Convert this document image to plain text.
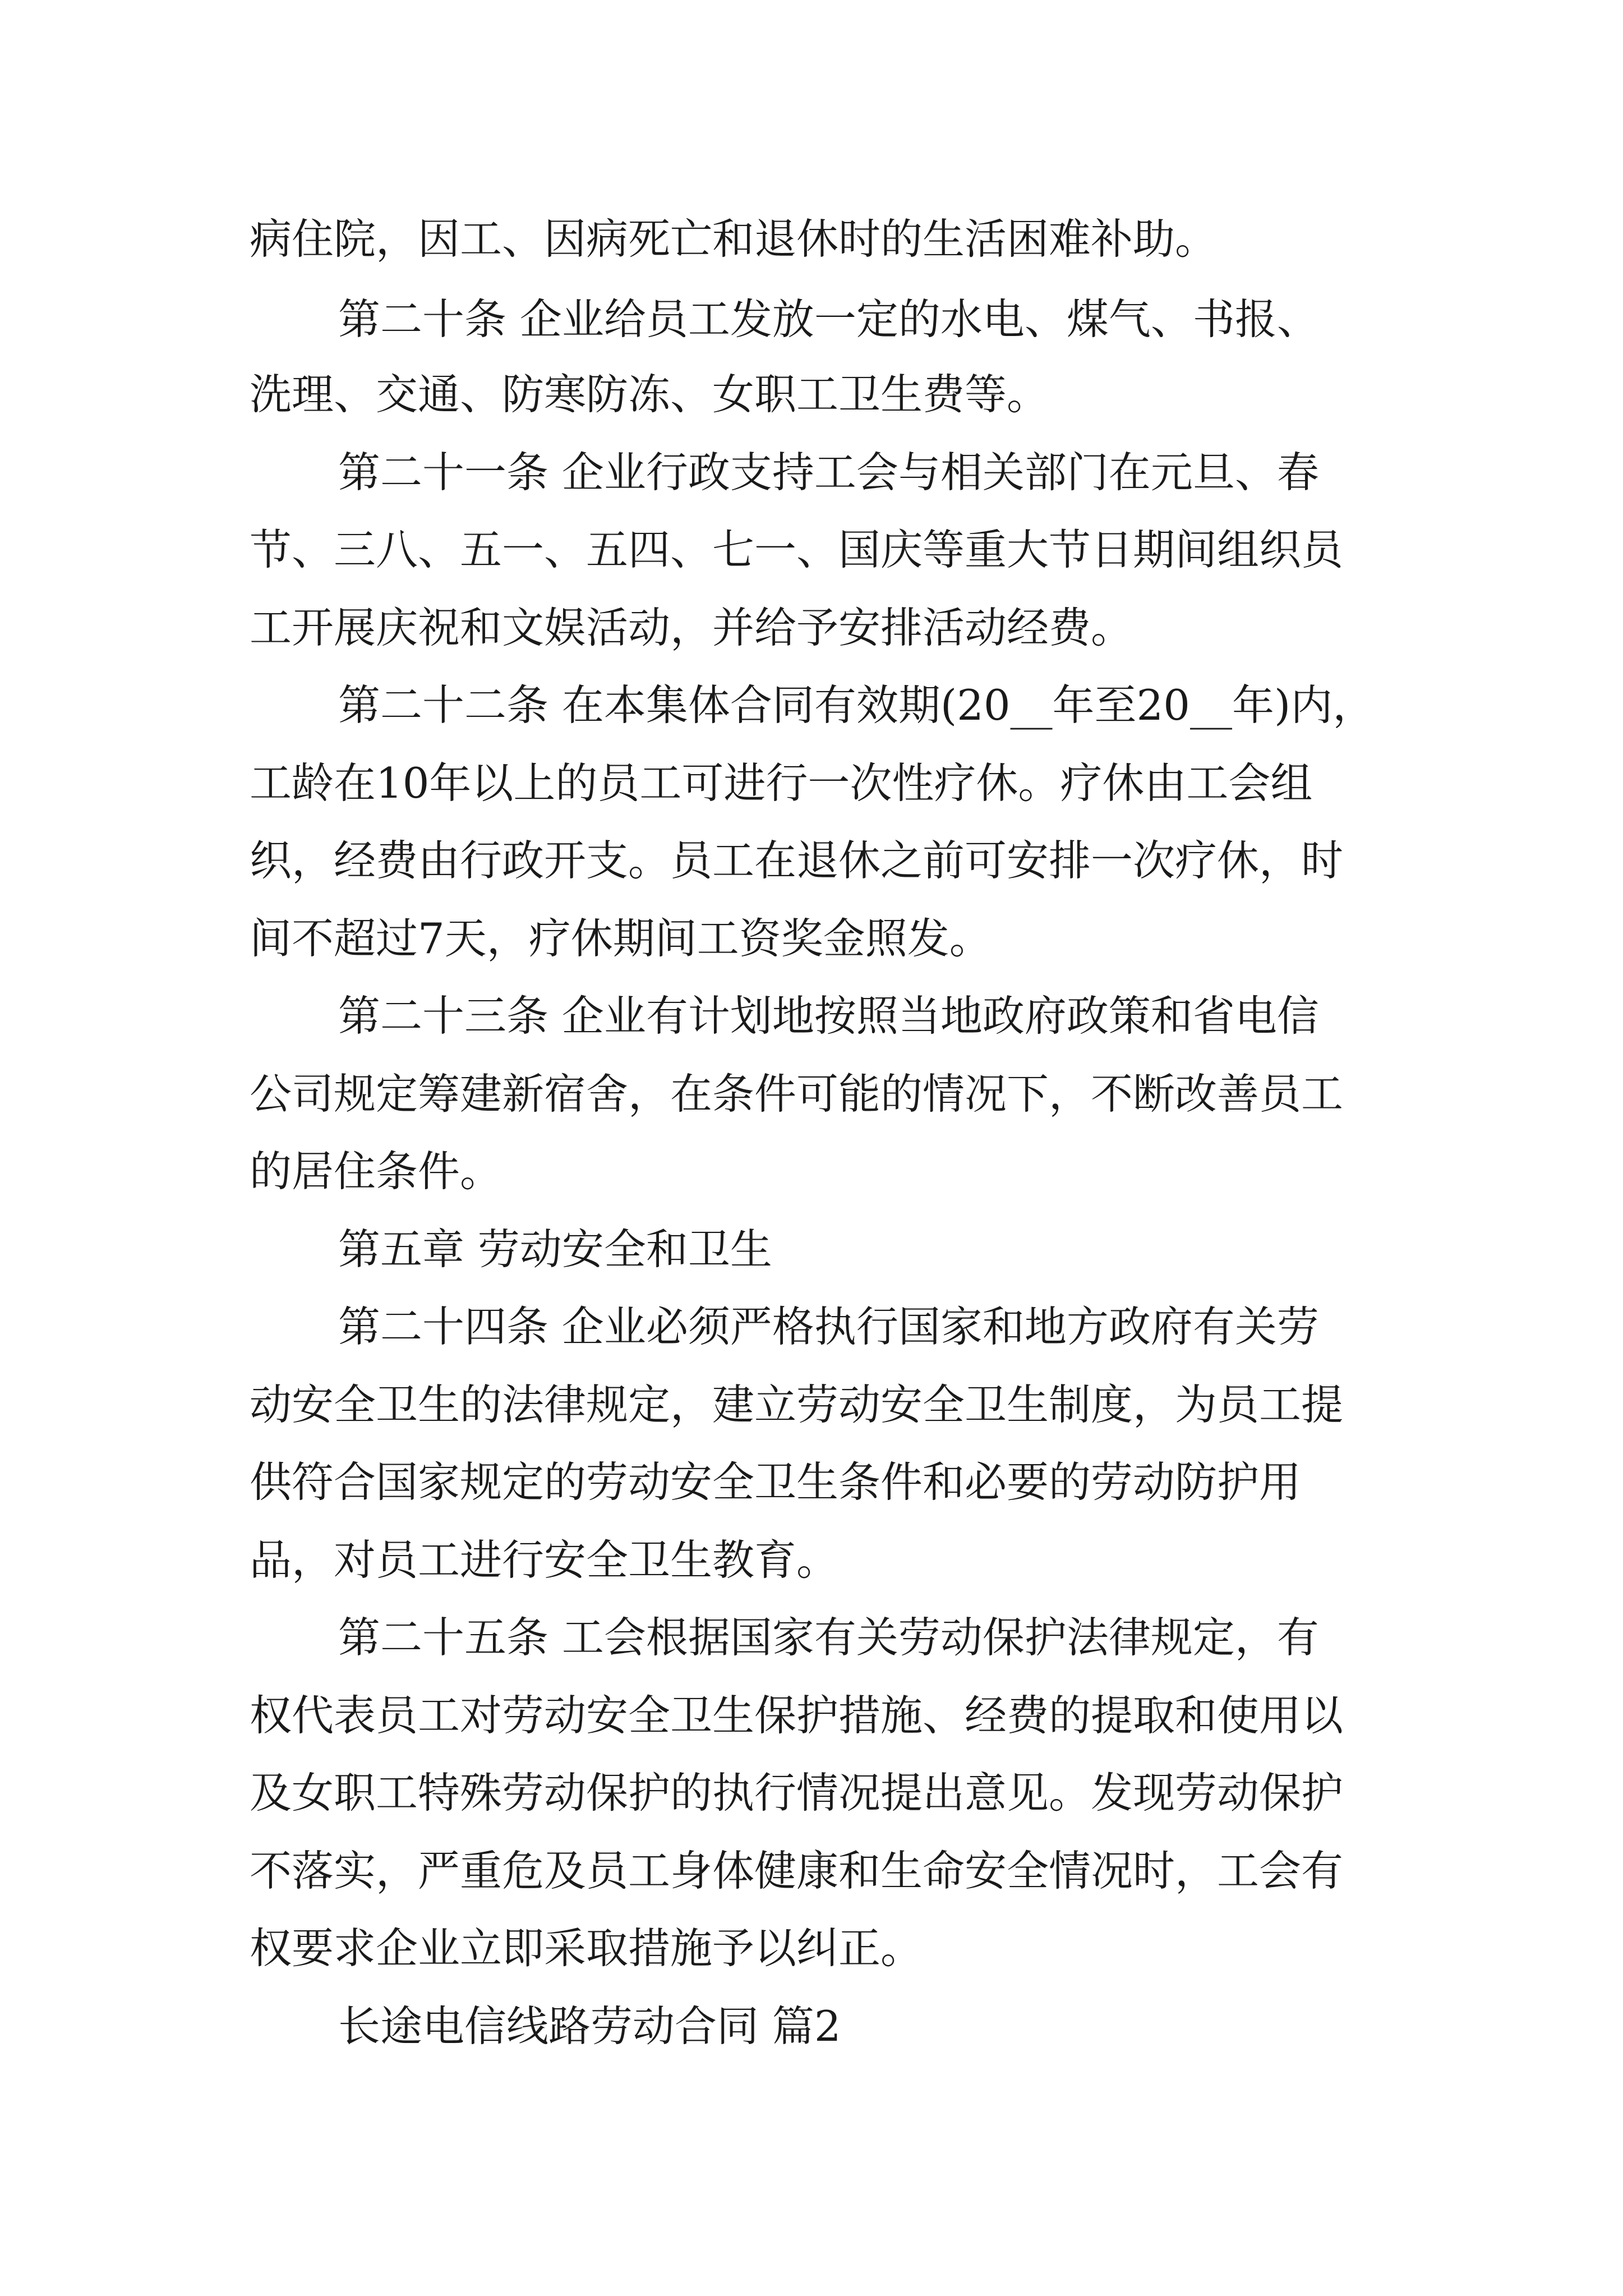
病住院，因工、因病死亡和退休时的生活困难补助。
第二十条 企业给员工发放一定的水电、煤气、书报、
洗理、交通、防寒防冻、女职工卫生费等。
第二十一条 企业行政支持工会与相关部门在元旦、春
节、三八、五一、五四、七一、国庆等重大节日期间组织员
工开展庆祝和文娱活动，并给予安排活动经费。
第二十二条 在本集体合同有效期(20__年至20__年)内，
工龄在10年以上的员工可进行一次性疗休。疗休由工会组
织，经费由行政开支。员工在退休之前可安排一次疗休，时
间不超过7天，疗休期间工资奖金照发。
第二十三条 企业有计划地按照当地政府政策和省电信
公司规定筹建新宿舍，在条件可能的情况下，不断改善员工
的居住条件。
第五章 劳动安全和卫生
第二十四条 企业必须严格执行国家和地方政府有关劳
动安全卫生的法律规定，建立劳动安全卫生制度，为员工提
供符合国家规定的劳动安全卫生条件和必要的劳动防护用
品，对员工进行安全卫生教育。
第二十五条 工会根据国家有关劳动保护法律规定，有
权代表员工对劳动安全卫生保护措施、经费的提取和使用以
及女职工特殊劳动保护的执行情况提出意见。发现劳动保护
不落实，严重危及员工身体健康和生命安全情况时，工会有
权要求企业立即采取措施予以纠正。
长途电信线路劳动合同 篇2
